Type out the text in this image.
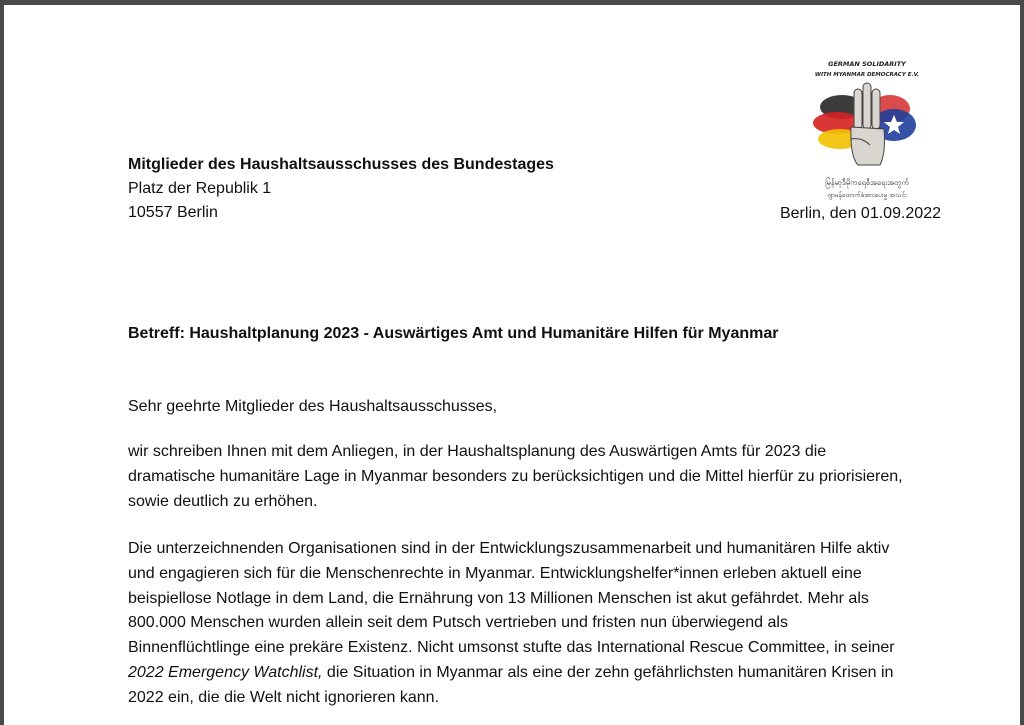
GERMAN SOLIDARITY
WITH MYANMAR DEMOCRACY E.V.
မြန်မာ့ဒီမိုကရေစီအရေးအတွက်
ဂျာမန်ထောက်ခံအားပေးမှု အသင်း
Mitglieder des Haushaltsausschusses des Bundestages
Platz der Republik 1
10557 Berlin	Berlin, den 01.09.2022
Betreff: Haushaltplanung 2023 - Auswärtiges Amt und Humanitäre Hilfen für Myanmar
Sehr geehrte Mitglieder des Haushaltsausschusses,

wir schreiben Ihnen mit dem Anliegen, in der Haushaltsplanung des Auswärtigen Amts für 2023 die dramatische humanitäre Lage in Myanmar besonders zu berücksichtigen und die Mittel hierfür zu priorisieren, sowie deutlich zu erhöhen.

Die unterzeichnenden Organisationen sind in der Entwicklungszusammenarbeit und humanitären Hilfe aktiv und engagieren sich für die Menschenrechte in Myanmar. Entwicklungshelfer*innen erleben aktuell eine beispiellose Notlage in dem Land, die Ernährung von 13 Millionen Menschen ist akut gefährdet. Mehr als 800.000 Menschen wurden allein seit dem Putsch vertrieben und fristen nun überwiegend als Binnenflüchtlinge eine prekäre Existenz. Nicht umsonst stufte das International Rescue Committee, in seiner 2022 Emergency Watchlist, die Situation in Myanmar als eine der zehn gefährlichsten humanitären Krisen in 2022 ein, die die Welt nicht ignorieren kann.
